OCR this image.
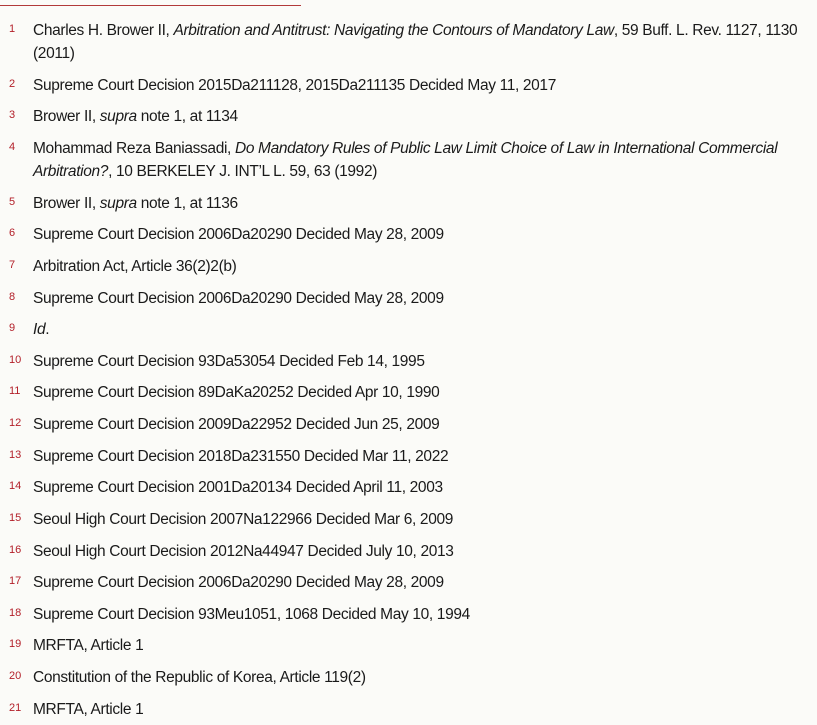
1 Charles H. Brower II, Arbitration and Antitrust: Navigating the Contours of Mandatory Law, 59 Buff. L. Rev. 1127, 1130 (2011)
2 Supreme Court Decision 2015Da211128, 2015Da211135 Decided May 11, 2017
3 Brower II, supra note 1, at 1134
4 Mohammad Reza Baniassadi, Do Mandatory Rules of Public Law Limit Choice of Law in International Commercial Arbitration?, 10 BERKELEY J. INT’L L. 59, 63 (1992)
5 Brower II, supra note 1, at 1136
6 Supreme Court Decision 2006Da20290 Decided May 28, 2009
7 Arbitration Act, Article 36(2)2(b)
8 Supreme Court Decision 2006Da20290 Decided May 28, 2009
9 Id.
10 Supreme Court Decision 93Da53054 Decided Feb 14, 1995
11 Supreme Court Decision 89DaKa20252 Decided Apr 10, 1990
12 Supreme Court Decision 2009Da22952 Decided Jun 25, 2009
13 Supreme Court Decision 2018Da231550 Decided Mar 11, 2022
14 Supreme Court Decision 2001Da20134 Decided April 11, 2003
15 Seoul High Court Decision 2007Na122966 Decided Mar 6, 2009
16 Seoul High Court Decision 2012Na44947 Decided July 10, 2013
17 Supreme Court Decision 2006Da20290 Decided May 28, 2009
18 Supreme Court Decision 93Meu1051, 1068 Decided May 10, 1994
19 MRFTA, Article 1
20 Constitution of the Republic of Korea, Article 119(2)
21 MRFTA, Article 1
